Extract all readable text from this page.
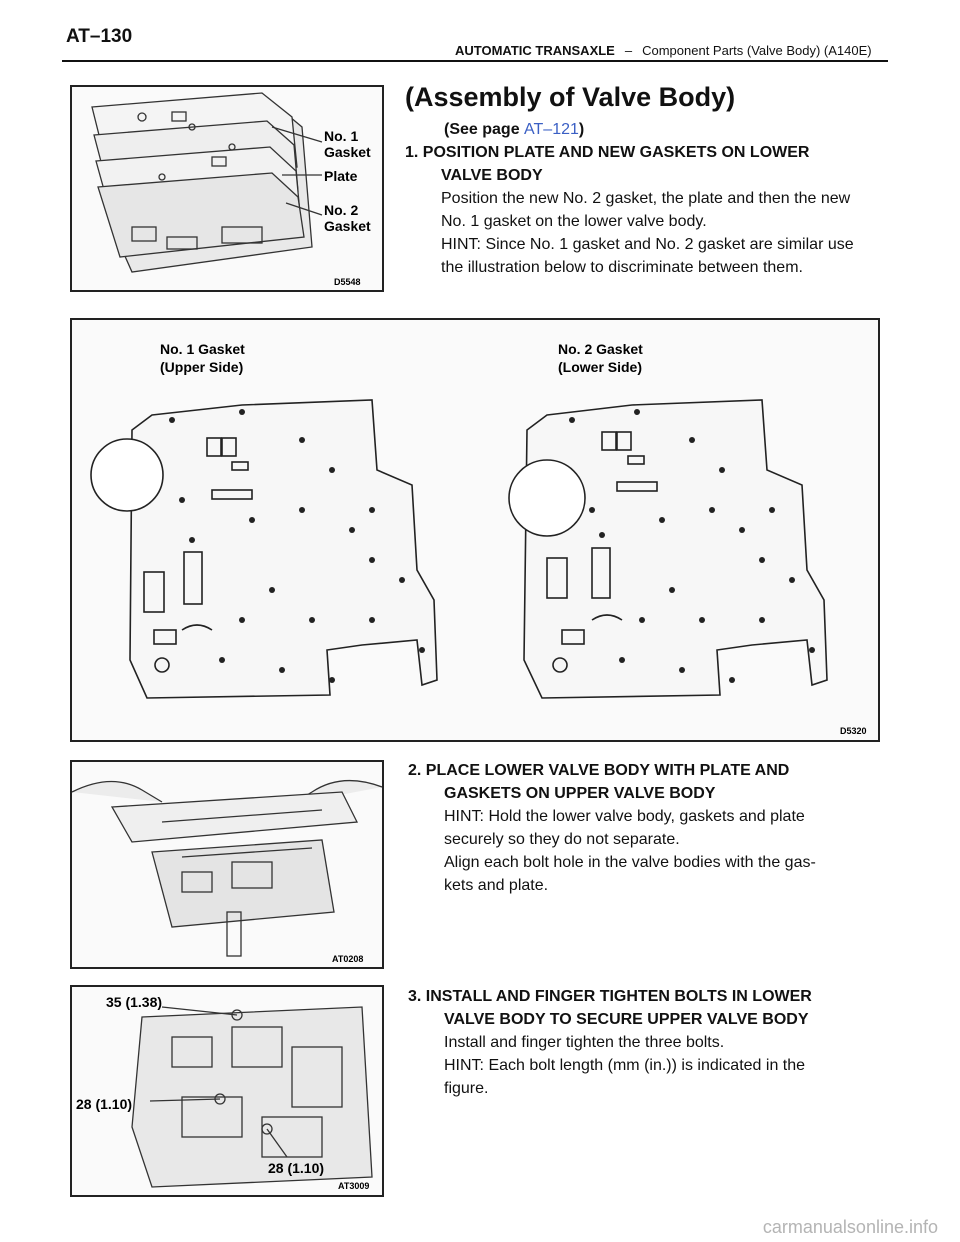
AT–130
AUTOMATIC TRANSAXLE – Component Parts (Valve Body) (A140E)
No. 1
Gasket
Plate
No. 2
Gasket
D5548
(Assembly of Valve Body)
(See page AT–121)
1. POSITION PLATE AND NEW GASKETS ON LOWER
VALVE BODY
Position the new No. 2 gasket, the plate and then the new
No. 1 gasket on the lower valve body.
HINT: Since No. 1 gasket and No. 2 gasket are similar use
the illustration below to discriminate between them.
No. 1 Gasket
(Upper Side)
No. 2 Gasket
(Lower Side)
D5320
AT0208
2. PLACE LOWER VALVE BODY WITH PLATE AND
GASKETS ON UPPER VALVE BODY
HINT: Hold the lower valve body, gaskets and plate
securely so they do not separate.
Align each bolt hole in the valve bodies with the gas-
kets and plate.
35 (1.38)
28 (1.10)
28 (1.10)
AT3009
3. INSTALL AND FINGER TIGHTEN BOLTS IN LOWER
VALVE BODY TO SECURE UPPER VALVE BODY
Install and finger tighten the three bolts.
HINT: Each bolt length (mm (in.)) is indicated in the
figure.
carmanualsonline.info
